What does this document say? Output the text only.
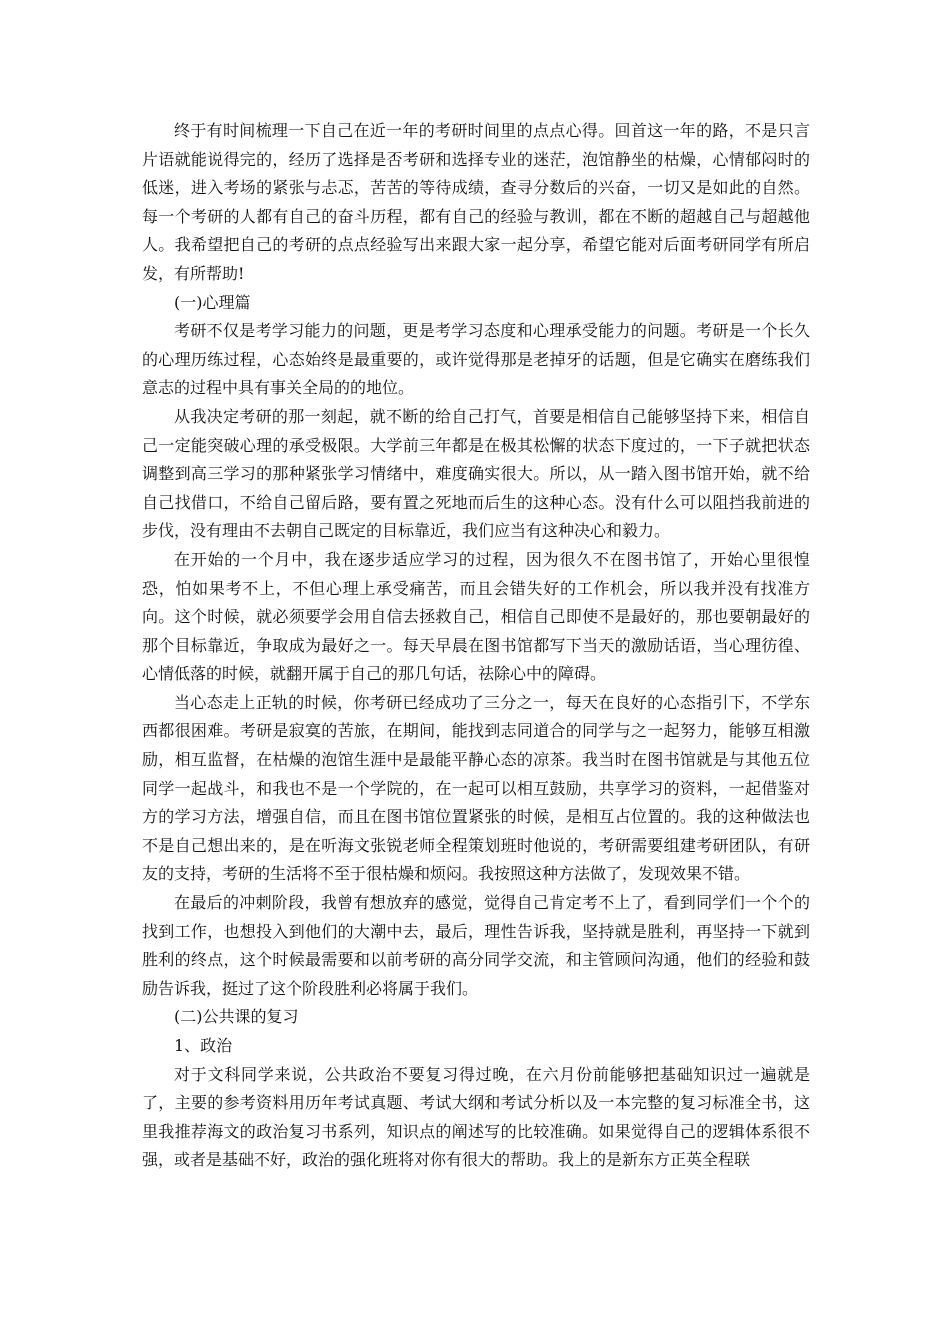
终于有时间梳理一下自己在近一年的考研时间里的点点心得。回首这一年的路，不是只言片语就能说得完的，经历了选择是否考研和选择专业的迷茫，泡馆静坐的枯燥，心情郁闷时的低迷，进入考场的紧张与忐忑，苦苦的等待成绩，查寻分数后的兴奋，一切又是如此的自然。每一个考研的人都有自己的奋斗历程，都有自己的经验与教训，都在不断的超越自己与超越他人。我希望把自己的考研的点点经验写出来跟大家一起分享，希望它能对后面考研同学有所启发，有所帮助!

(一)心理篇

考研不仅是考学习能力的问题，更是考学习态度和心理承受能力的问题。考研是一个长久的心理历练过程，心态始终是最重要的，或许觉得那是老掉牙的话题，但是它确实在磨练我们意志的过程中具有事关全局的的地位。

从我决定考研的那一刻起，就不断的给自己打气，首要是相信自己能够坚持下来，相信自己一定能突破心理的承受极限。大学前三年都是在极其松懈的状态下度过的，一下子就把状态调整到高三学习的那种紧张学习情绪中，难度确实很大。所以，从一踏入图书馆开始，就不给自己找借口，不给自己留后路，要有置之死地而后生的这种心态。没有什么可以阻挡我前进的步伐，没有理由不去朝自己既定的目标靠近，我们应当有这种决心和毅力。

在开始的一个月中，我在逐步适应学习的过程，因为很久不在图书馆了，开始心里很惶恐，怕如果考不上，不但心理上承受痛苦，而且会错失好的工作机会，所以我并没有找准方向。这个时候，就必须要学会用自信去拯救自己，相信自己即使不是最好的，那也要朝最好的那个目标靠近，争取成为最好之一。每天早晨在图书馆都写下当天的激励话语，当心理彷徨、心情低落的时候，就翻开属于自己的那几句话，祛除心中的障碍。

当心态走上正轨的时候，你考研已经成功了三分之一，每天在良好的心态指引下，不学东西都很困难。考研是寂寞的苦旅，在期间，能找到志同道合的同学与之一起努力，能够互相激励，相互监督，在枯燥的泡馆生涯中是最能平静心态的凉茶。我当时在图书馆就是与其他五位同学一起战斗，和我也不是一个学院的，在一起可以相互鼓励，共享学习的资料，一起借鉴对方的学习方法，增强自信，而且在图书馆位置紧张的时候，是相互占位置的。我的这种做法也不是自己想出来的，是在听海文张锐老师全程策划班时他说的，考研需要组建考研团队，有研友的支持，考研的生活将不至于很枯燥和烦闷。我按照这种方法做了，发现效果不错。

在最后的冲刺阶段，我曾有想放弃的感觉，觉得自己肯定考不上了，看到同学们一个个的找到工作，也想投入到他们的大潮中去，最后，理性告诉我，坚持就是胜利，再坚持一下就到胜利的终点，这个时候最需要和以前考研的高分同学交流，和主管顾问沟通，他们的经验和鼓励告诉我，挺过了这个阶段胜利必将属于我们。

(二)公共课的复习

1、政治

对于文科同学来说，公共政治不要复习得过晚，在六月份前能够把基础知识过一遍就是了，主要的参考资料用历年考试真题、考试大纲和考试分析以及一本完整的复习标准全书，这里我推荐海文的政治复习书系列，知识点的阐述写的比较准确。如果觉得自己的逻辑体系很不强，或者是基础不好，政治的强化班将对你有很大的帮助。我上的是新东方正英全程联
